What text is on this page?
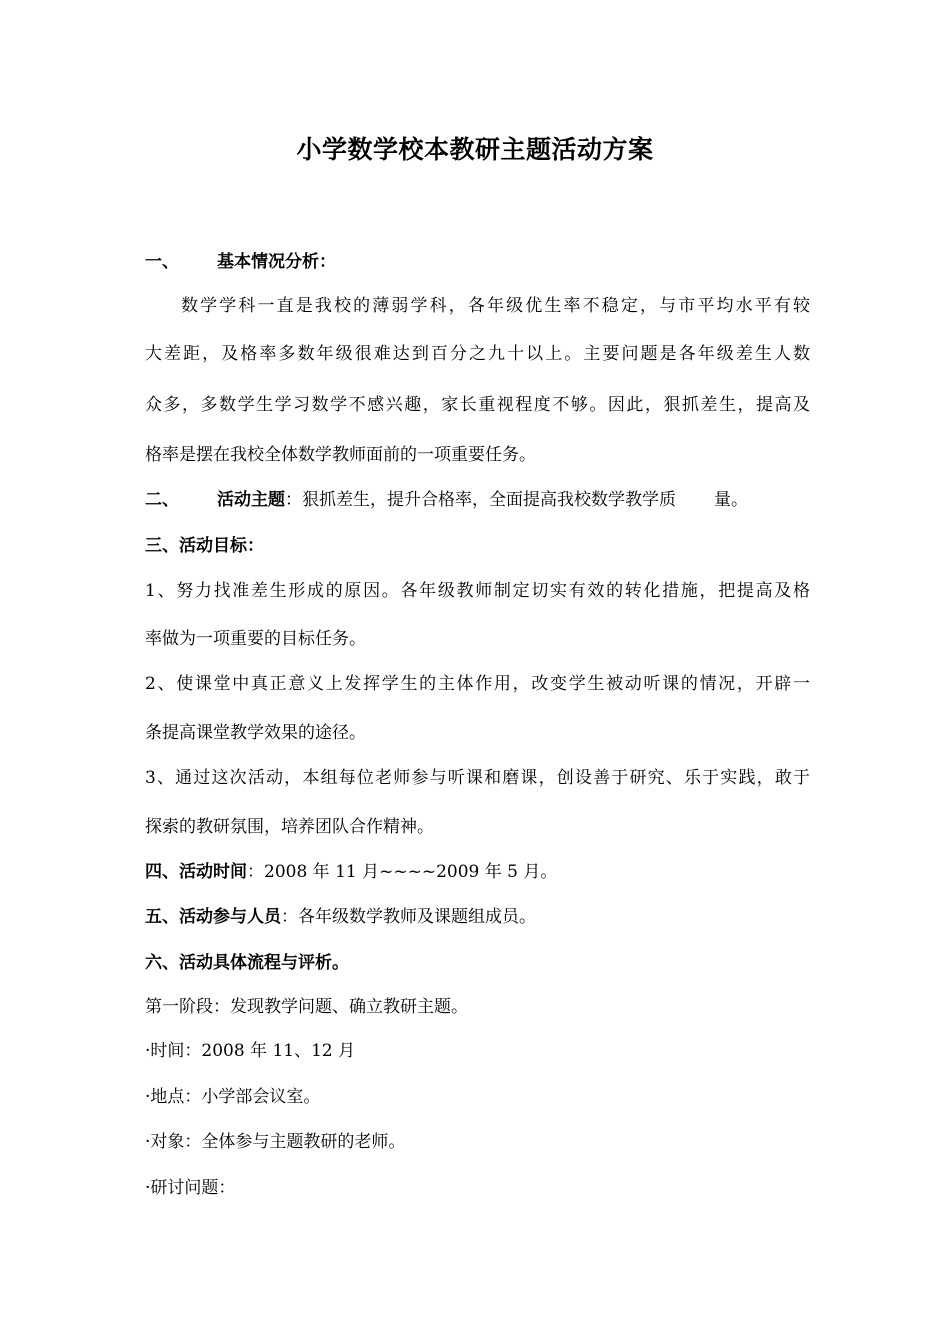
小学数学校本教研主题活动方案
一、 基本情况分析：
数学学科一直是我校的薄弱学科，各年级优生率不稳定，与市平均水平有较
大差距，及格率多数年级很难达到百分之九十以上。主要问题是各年级差生人数
众多，多数学生学习数学不感兴趣，家长重视程度不够。因此，狠抓差生，提高及
格率是摆在我校全体数学教师面前的一项重要任务。
二、 活动主题：狠抓差生，提升合格率，全面提高我校数学教学质 量。
三、活动目标：
1、努力找准差生形成的原因。各年级教师制定切实有效的转化措施，把提高及格
率做为一项重要的目标任务。
2、使课堂中真正意义上发挥学生的主体作用，改变学生被动听课的情况，开辟一
条提高课堂教学效果的途径。
3、通过这次活动，本组每位老师参与听课和磨课，创设善于研究、乐于实践，敢于
探索的教研氛围，培养团队合作精神。
四、活动时间：2008 年 11 月~~~~2009 年 5 月。
五、活动参与人员：各年级数学教师及课题组成员。
六、活动具体流程与评析。
第一阶段：发现教学问题、确立教研主题。
·时间：2008 年 11、12 月
·地点：小学部会议室。
·对象：全体参与主题教研的老师。
·研讨问题：
